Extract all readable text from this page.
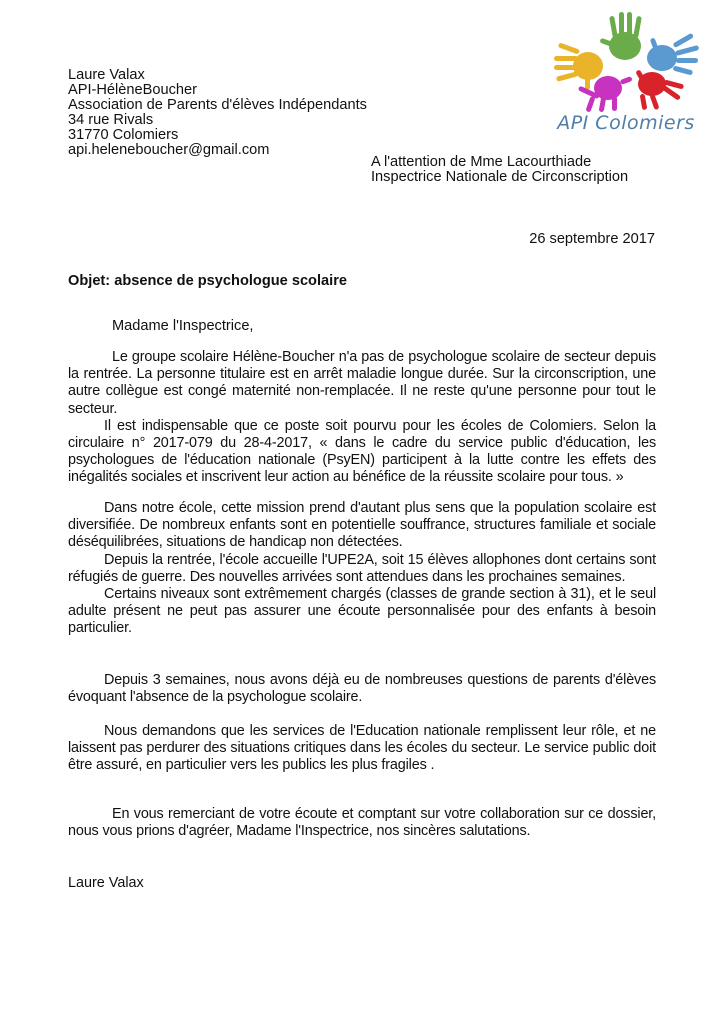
API Colomiers
Laure Valax
API-HélèneBoucher
Association de Parents d'élèves Indépendants
34 rue Rivals
31770 Colomiers
api.heleneboucher@gmail.com
A l'attention de Mme Lacourthiade
Inspectrice Nationale de Circonscription
26 septembre 2017
Objet: absence de psychologue scolaire
Madame l'Inspectrice,

Le groupe scolaire Hélène-Boucher n'a pas de psychologue scolaire de secteur depuis la rentrée. La personne titulaire est en arrêt maladie longue durée. Sur la circonscription, une autre collègue est congé maternité non-remplacée. Il ne reste qu'une personne pour tout le secteur.

Il est indispensable que ce poste soit pourvu pour les écoles de Colomiers. Selon la circulaire n° 2017-079 du 28-4-2017, « dans le cadre du service public d'éducation, les psychologues de l'éducation nationale (PsyEN) participent à la lutte contre les effets des inégalités sociales et inscrivent leur action au bénéfice de la réussite scolaire pour tous. »

Dans notre école, cette mission prend d'autant plus sens que la population scolaire est diversifiée. De nombreux enfants sont en potentielle souffrance, structures familiale et sociale déséquilibrées, situations de handicap non détectées.

Depuis la rentrée, l'école accueille l'UPE2A, soit 15 élèves allophones dont certains sont réfugiés de guerre. Des nouvelles arrivées sont attendues dans les prochaines semaines.

Certains niveaux sont extrêmement chargés (classes de grande section à 31), et le seul adulte présent ne peut pas assurer une écoute personnalisée pour des enfants à besoin particulier.

Depuis 3 semaines, nous avons déjà eu de nombreuses questions de parents d'élèves évoquant l'absence de la psychologue scolaire.

Nous demandons que les services de l'Education nationale remplissent leur rôle, et ne laissent pas perdurer des situations critiques dans les écoles du secteur. Le service public doit être assuré, en particulier vers les publics les plus fragiles .

En vous remerciant de votre écoute et comptant sur votre collaboration sur ce dossier, nous vous prions d'agréer, Madame l'Inspectrice, nos sincères salutations.

Laure Valax
